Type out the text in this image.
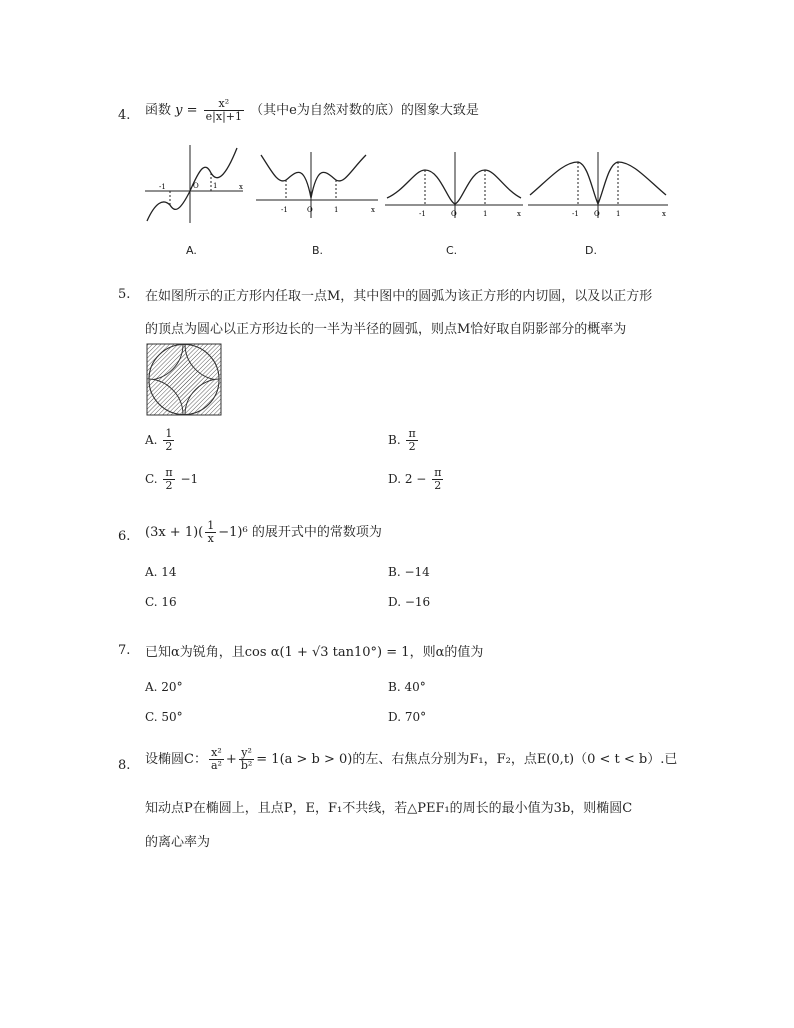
4. 函数 $y = \frac{\text{x²}}{e|x|+1}$ （其中e为自然对数的底）的图象大致是
-1	O 1	x
-1	O	1	x	-1	O	1	x	-1 O 1	x
A.	B.	C.	D.
5. 在如图所示的正方形内任取一点M，其中图中的圆弧为该正方形的内切圆，以及以正方形
的顶点为圆心以正方形边长的一半为半径的圆弧，则点M恰好取自阴影部分的概率为
A. $\frac{1}{2}$	B. $\frac{\pi}{2}$
C. $\frac{\pi}{2} -1$	D. $2 - \frac{\pi}{2}$
6. $(3x + 1)( \frac{1}{x} -1)^6$ 的展开式中的常数项为
A. 14	B. −14
C. 16	D. −16
7. 已知α为锐角，且cos α(1 + √3 tan10°) = 1，则α的值为
A. 20°	B. 40°
C. 50°	D. 70°
8. 设椭圆C： $\frac{\text{x²}}{\text{a²}} + \frac{\text{y²}}{\text{b²}} = 1(a > b > 0)$的左、右焦点分别为F₁，F₂，点E(0,t)（0 < t < b）.已
知动点P在椭圆上，且点P，E，F₁不共线，若△PEF₁的周长的最小值为3b，则椭圆C
的离心率为
